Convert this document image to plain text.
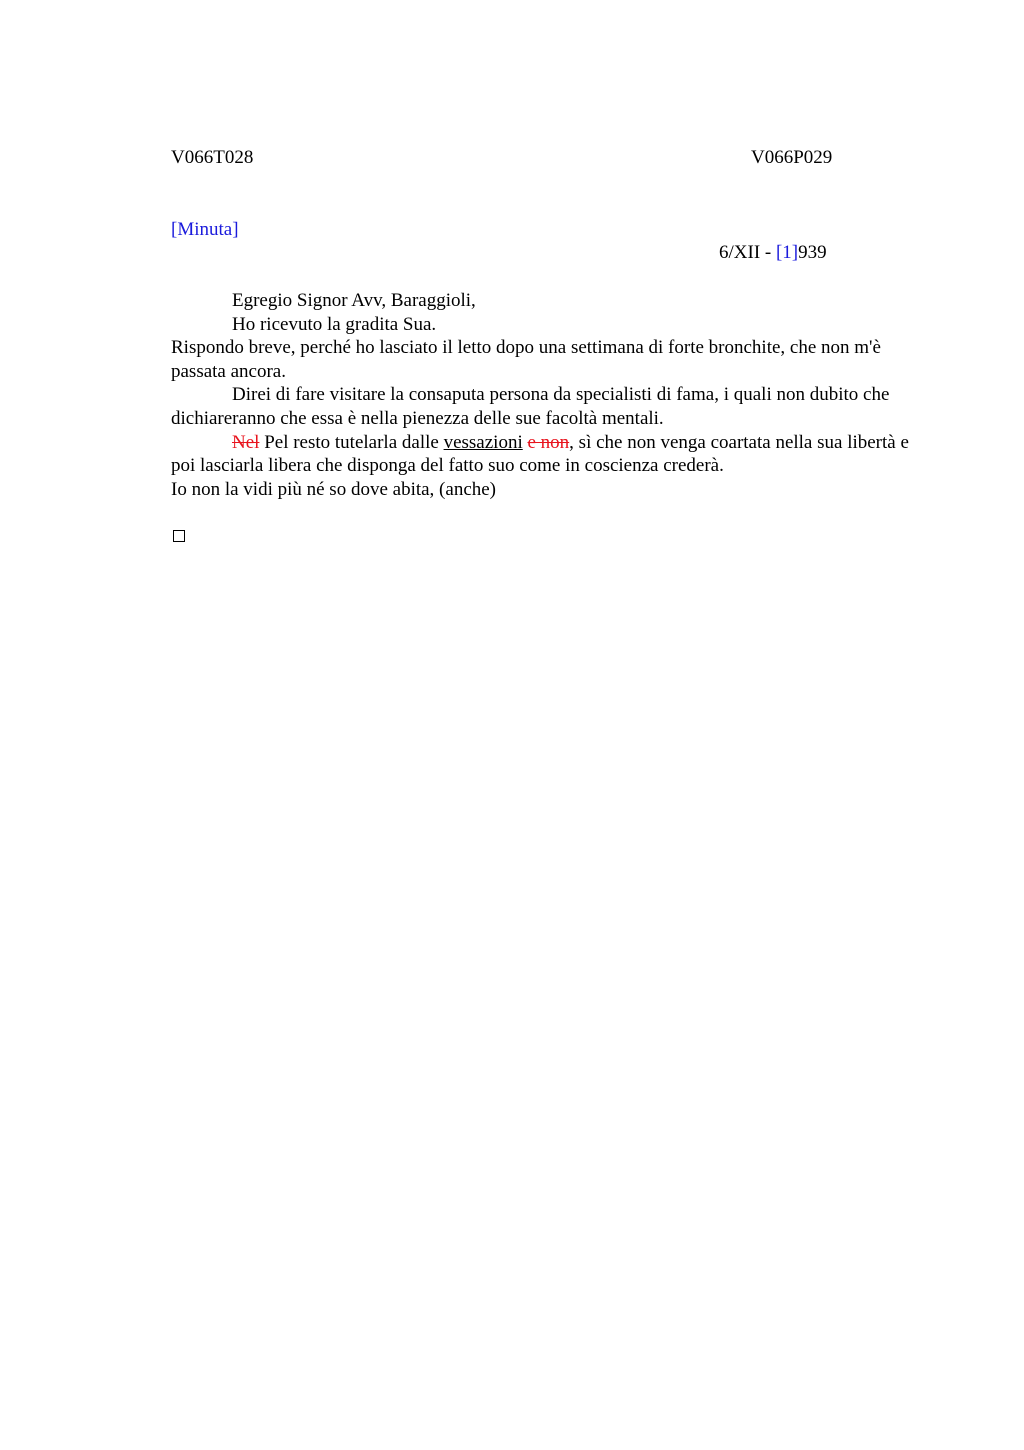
V066T028	V066P029
[Minuta]
6/XII - [1]939

Egregio Signor Avv, Baraggioli,

Ho ricevuto la gradita Sua.

Rispondo breve, perché ho lasciato il letto dopo una settimana di forte bronchite, che non m'è passata ancora.

Direi di fare visitare la consaputa persona da specialisti di fama, i quali non dubito che dichiareranno che essa è nella pienezza delle sue facoltà mentali.

Nel Pel resto tutelarla dalle vessazioni e non, sì che non venga coartata nella sua libertà e poi lasciarla libera che disponga del fatto suo come in coscienza crederà.

Io non la vidi più né so dove abita, (anche)
